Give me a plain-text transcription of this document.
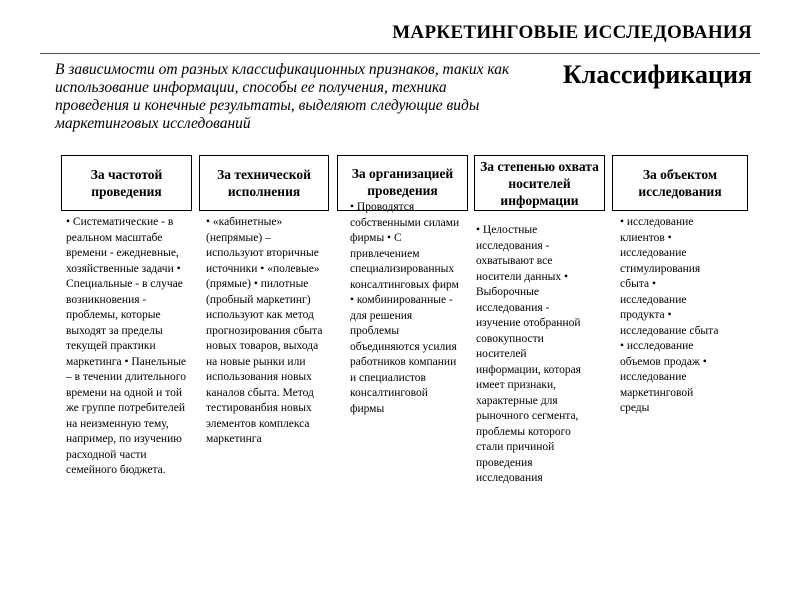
МАРКЕТИНГОВЫЕ ИССЛЕДОВАНИЯ
В зависимости от разных классификационных признаков, таких как использование информации, способы ее получения, техника проведения и конечные результаты, выделяют следующие виды маркетинговых исследований
Классификация
За частотой проведения
• Систематические - в реальном масштабе времени - ежедневные, хозяйственные задачи • Специальные - в случае возникновения - проблемы, которые выходят за пределы текущей практики маркетинга • Панельные – в течении длительного времени на одной и той же группе потребителей на неизменную тему, например, по изучению расходной части семейного бюджета.
За технической исполнения
• «кабинетные» (непрямые) – используют вторичные источники • «полевые» (прямые) • пилотные (пробный маркетинг) используют как метод прогнозирования сбыта новых товаров, выхода на новые рынки или использования новых каналов сбыта. Метод тестированбия новых элементов комплекса маркетинга
За организацией проведения
• Проводятся собственными силами фирмы • С привлечением специализированных консалтинговых фирм • комбинированные - для решения проблемы объединяются усилия работников компании и специалистов консалтинговой фирмы
За степенью охвата носителей информации
• Целостные исследования - охватывают все носители данных • Выборочные исследования - изучение отобранной совокупности носителей информации, которая имеет признаки, характерные для рыночного сегмента, проблемы которого стали причиной проведения исследования
За объектом исследования
• исследование клиентов • исследование стимулирования сбыта • исследование продукта • исследование сбыта • исследование объемов продаж • исследование маркетинговой среды
